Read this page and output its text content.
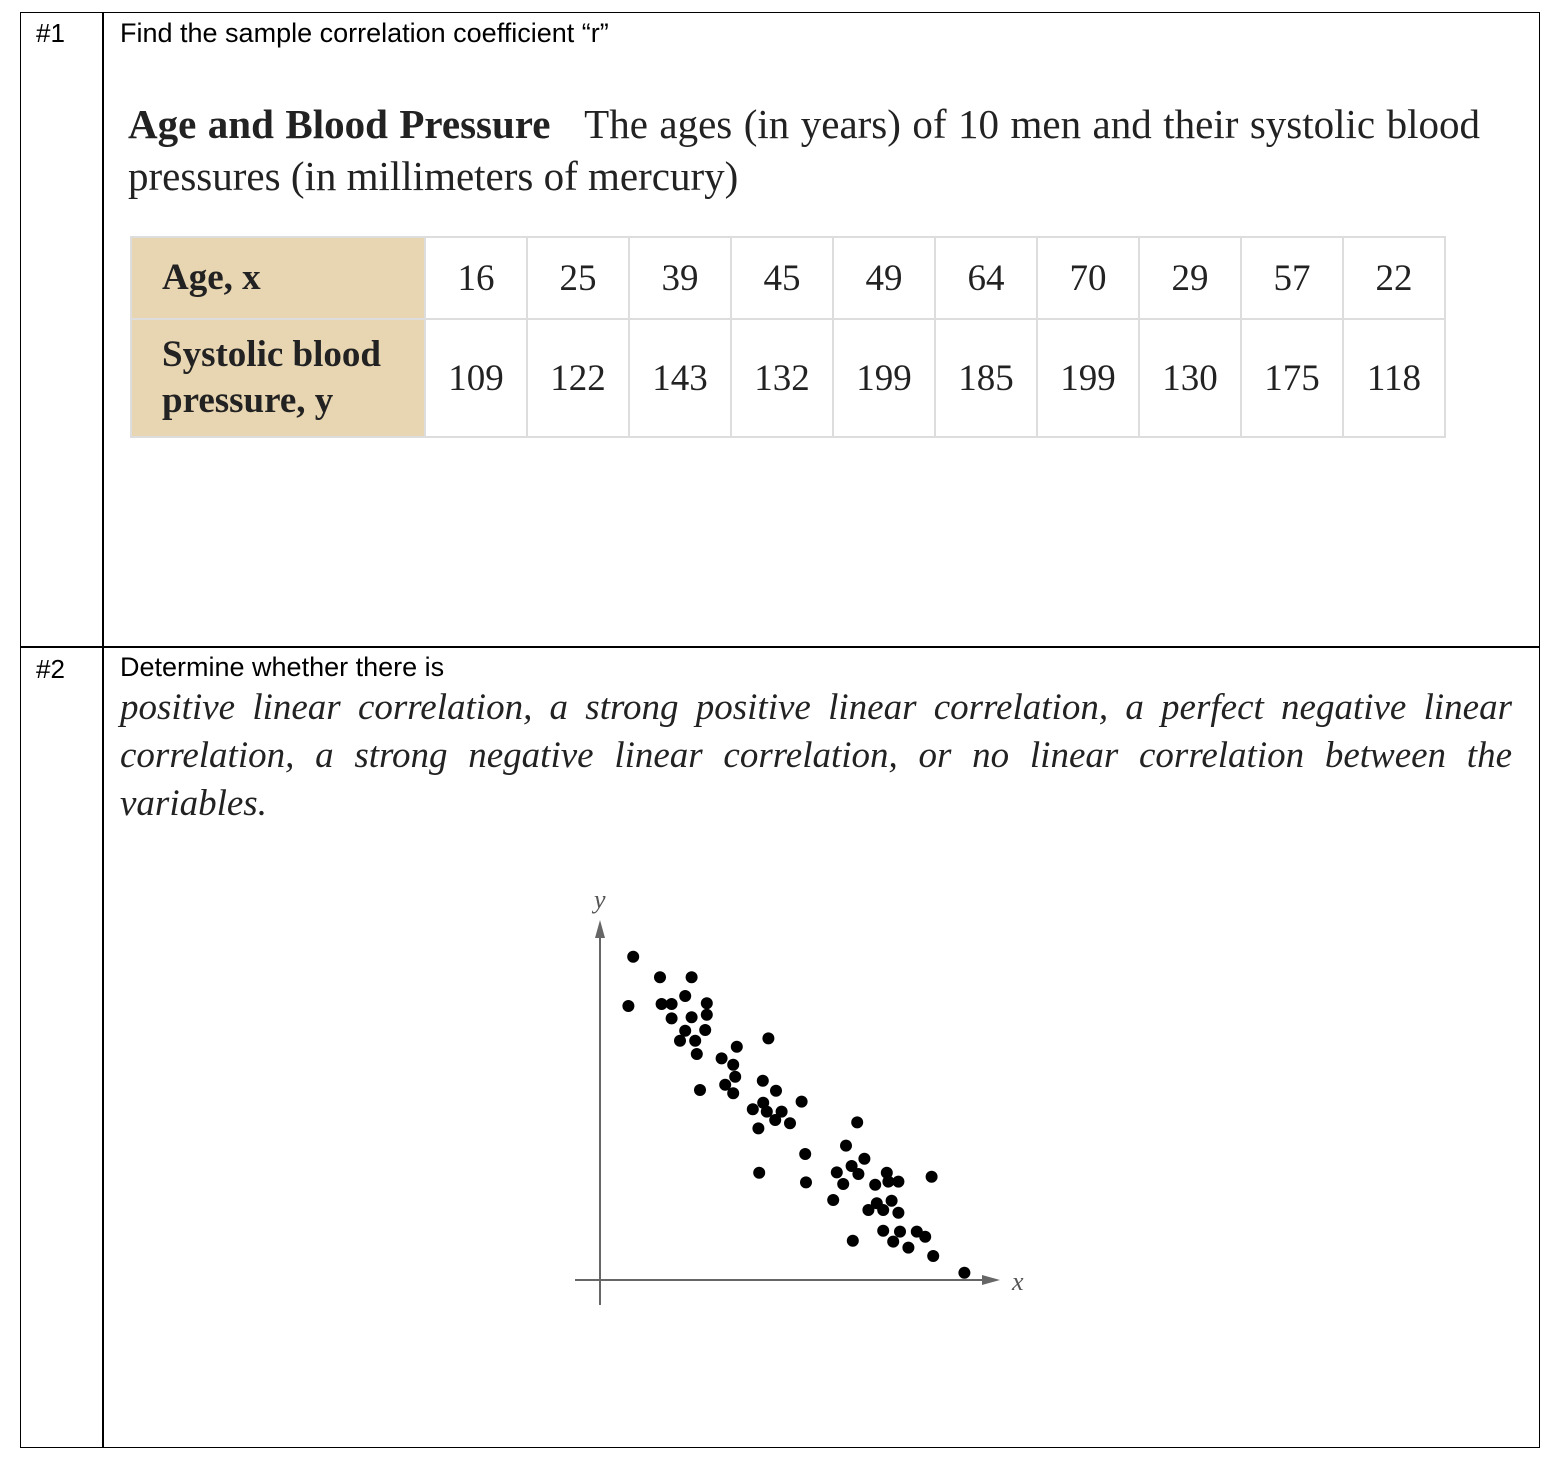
#1 Find the sample correlation coefficient “r”
Age and Blood Pressure The ages (in years) of 10 men and their systolic blood pressures (in millimeters of mercury)
Age, x	16	25	39	45	49	64	70	29	57	22
Systolic blood pressure, y	109	122	143	132	199	185	199	130	175	118
#2 Determine whether there is
positive linear correlation, a strong positive linear correlation, a perfect negative linear correlation, a strong negative linear correlation, or no linear correlation between the variables.
x
y
